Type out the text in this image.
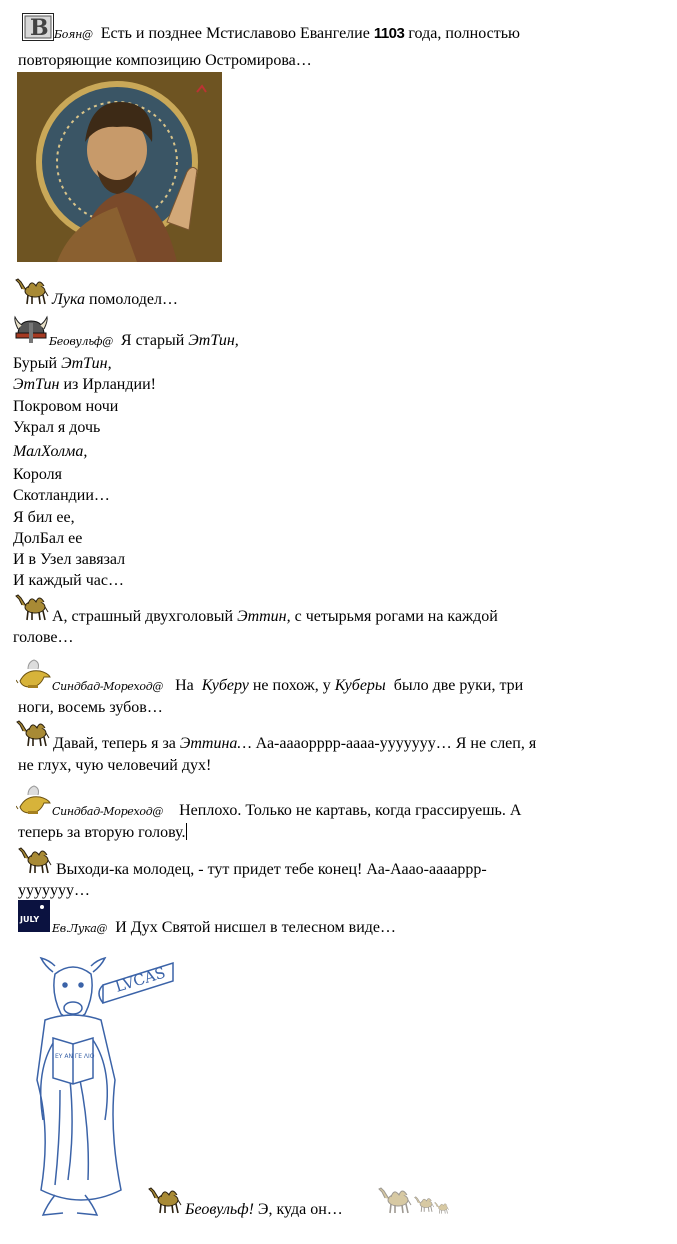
B Боян@ Есть и позднее Мстиславово Евангелие 1103 года, полностью
повторяющие композицию Остромирова…
Лука помолодел…
Беовульф@ Я старый ЭтТин,
Бурый ЭтТин,
ЭтТин из Ирландии!
Покровом ночи
Украл я дочь
МалХолма,
Короля
Скотландии…
Я бил ее,
ДолБал ее
И в Узел завязал
И каждый час…
А, страшный двухголовый Эттин, с четырьмя рогами на каждой
голове…
Синдбад-Мореход@ На Куберу не похож, у Куберы было две руки, три
ноги, восемь зубов…
Давай, теперь я за Эттина… Аа-аааорррр-аааа-ууууууу… Я не слеп, я
не глух, чую человечий дух!
Синдбад-Мореход@ Неплохо. Только не картавь, когда грассируешь. А
теперь за вторую голову.
Выходи-ка молодец, - тут придет тебе конец! Аа-Аааo-ааааррр-
ууууууу…
JULY
Ев.Лука@ И Дух Святой нисшел в телесном виде…
LVCAS
ΕΥ ΑΝ ΓΕ ΛΙΟ
Беовульф! Э, куда он…
